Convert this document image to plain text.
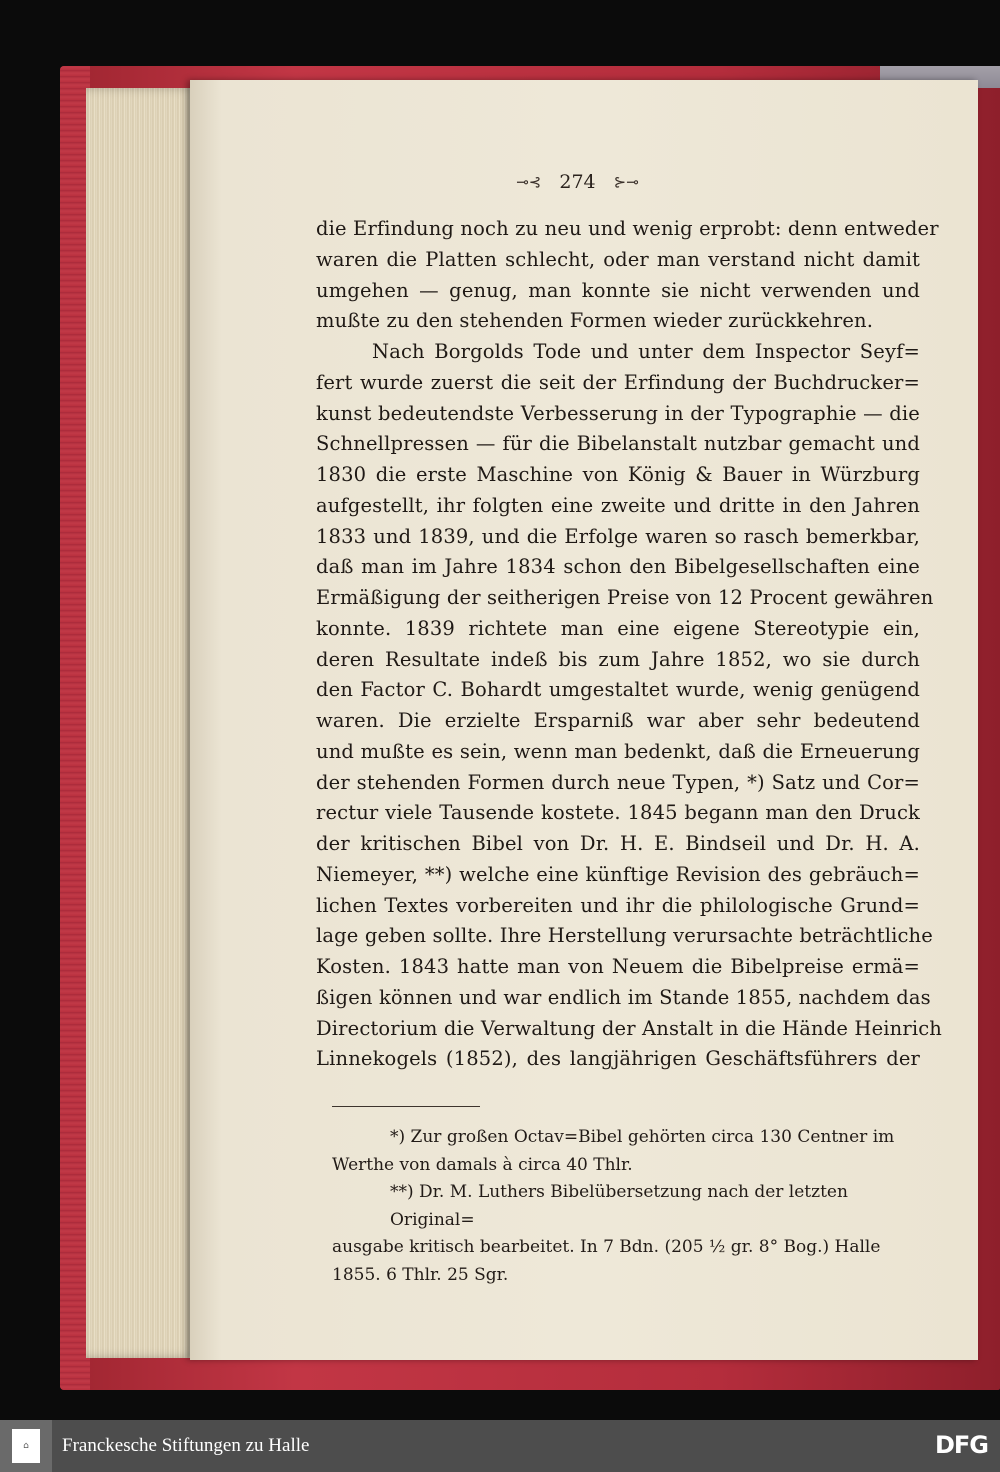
⊸⊰ 274 ⊱⊸
die Erfindung noch zu neu und wenig erprobt: denn entweder
waren die Platten schlecht, oder man verstand nicht damit
umgehen — genug, man konnte sie nicht verwenden und
mußte zu den stehenden Formen wieder zurückkehren.
Nach Borgolds Tode und unter dem Inspector Seyf=
fert wurde zuerst die seit der Erfindung der Buchdrucker=
kunst bedeutendste Verbesserung in der Typographie — die
Schnellpressen — für die Bibelanstalt nutzbar gemacht und
1830 die erste Maschine von König & Bauer in Würzburg
aufgestellt, ihr folgten eine zweite und dritte in den Jahren
1833 und 1839, und die Erfolge waren so rasch bemerkbar,
daß man im Jahre 1834 schon den Bibelgesellschaften eine
Ermäßigung der seitherigen Preise von 12 Procent gewähren
konnte. 1839 richtete man eine eigene Stereotypie ein,
deren Resultate indeß bis zum Jahre 1852, wo sie durch
den Factor C. Bohardt umgestaltet wurde, wenig genügend
waren. Die erzielte Ersparniß war aber sehr bedeutend
und mußte es sein, wenn man bedenkt, daß die Erneuerung
der stehenden Formen durch neue Typen, *) Satz und Cor=
rectur viele Tausende kostete. 1845 begann man den Druck
der kritischen Bibel von Dr. H. E. Bindseil und Dr. H. A.
Niemeyer, **) welche eine künftige Revision des gebräuch=
lichen Textes vorbereiten und ihr die philologische Grund=
lage geben sollte. Ihre Herstellung verursachte beträchtliche
Kosten. 1843 hatte man von Neuem die Bibelpreise ermä=
ßigen können und war endlich im Stande 1855, nachdem das
Directorium die Verwaltung der Anstalt in die Hände Heinrich
Linnekogels (1852), des langjährigen Geschäftsführers der
*) Zur großen Octav=Bibel gehörten circa 130 Centner im
Werthe von damals à circa 40 Thlr.
**) Dr. M. Luthers Bibelübersetzung nach der letzten Original=
ausgabe kritisch bearbeitet. In 7 Bdn. (205 ½ gr. 8° Bog.) Halle
1855. 6 Thlr. 25 Sgr.
⌂	Franckesche Stiftungen zu Halle	DFG
